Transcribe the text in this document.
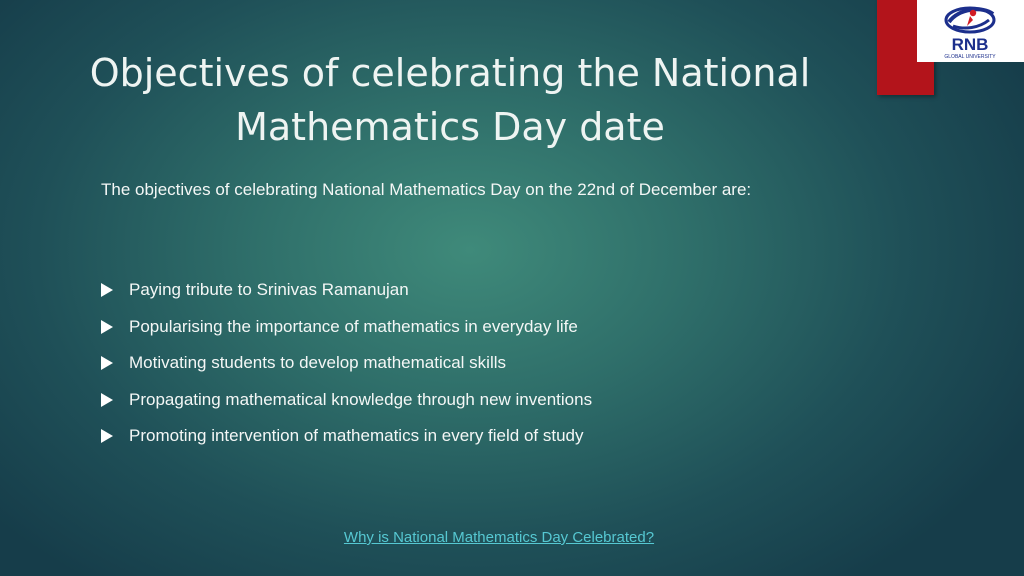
Objectives of celebrating the National
Mathematics Day date
RNB
GLOBAL UNIVERSITY

The objectives of celebrating National Mathematics Day on the 22nd of December are:

Paying tribute to Srinivas Ramanujan
Popularising the importance of mathematics in everyday life
Motivating students to develop mathematical skills
Propagating mathematical knowledge through new inventions
Promoting intervention of mathematics in every field of study
Why is National Mathematics Day Celebrated?
